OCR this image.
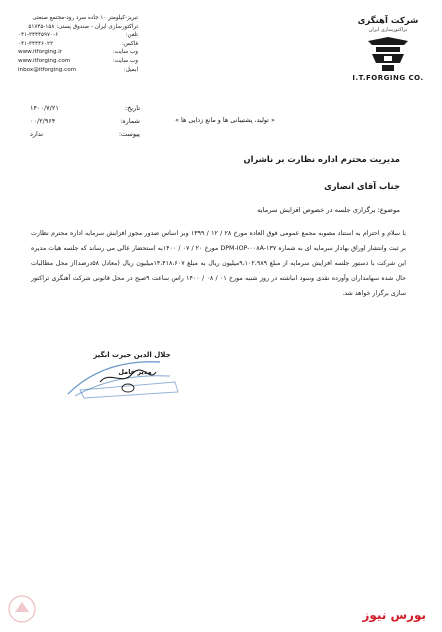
شرکت آهنگری
تراکتورسازی ایران
I.T.FORGING CO.
تبریز-کیلومتر ۱۰ جاده سرد رود-مجتمع صنعتی
تراکتورسازی ایران - صندوق پستی: ۱۵۸-۵۱۷۴۵
۰۴۱-۳۴۴۴۵۹۷۰-۶	تلفن:
۰۴۱-۳۴۴۴۶۰۲۳	فاکس:
www.itforging.ir	وب سایت:
www.itforging.com	وب سایت:
inbox@itforging.com	ایمیل:
۱۴۰۰/۷/۲۱	تاریخ:
۰۰/۲/۹۶۴	شماره:
ندارد	پیوست:
« تولید، پشتیبانی ها و مانع زدایی ها »
مدیریت محترم اداره نظارت بر ناشران
جناب آقای انصاری
موضوع: برگزاری جلسه در خصوص افزایش سرمایه
با سلام و احترام به استناد مصوبه مجمع عمومی فوق العاده مورخ ۲۸ / ۱۲ / ۱۳۹۹ وبر اساس صدور مجوز افزایش سرمایه اداره محترم نظارت بر ثبت وانتشار اوراق بهادار سرمایه ای به شماره DPM-IOP-۰۰۸A-۱۳۷ مورخ ۲۰ / ۰۷ / ۱۴۰۰به استحضار عالی می رساند که جلسه هیات مدیره این شرکت با دستور جلسه افزایش سرمایه از مبلغ ۹،۱۰۲،۹۸۹میلیون ریال به مبلغ ۱۴،۴۱۸،۶۰۷میلیون ریال (معادل ۵۸درصد)از محل مطالبات حال شده سهامداران وآورده نقدی وسود انباشته در روز شنبه مورخ ۰۱ / ۰۸ / ۱۴۰۰ راس ساعت ۹صبح در محل قانونی شرکت آهنگری تراکتور سازی برگزار خواهد شد.
جلال الدین حیرت انگیز
مدیر عامل
بورس نیوز
